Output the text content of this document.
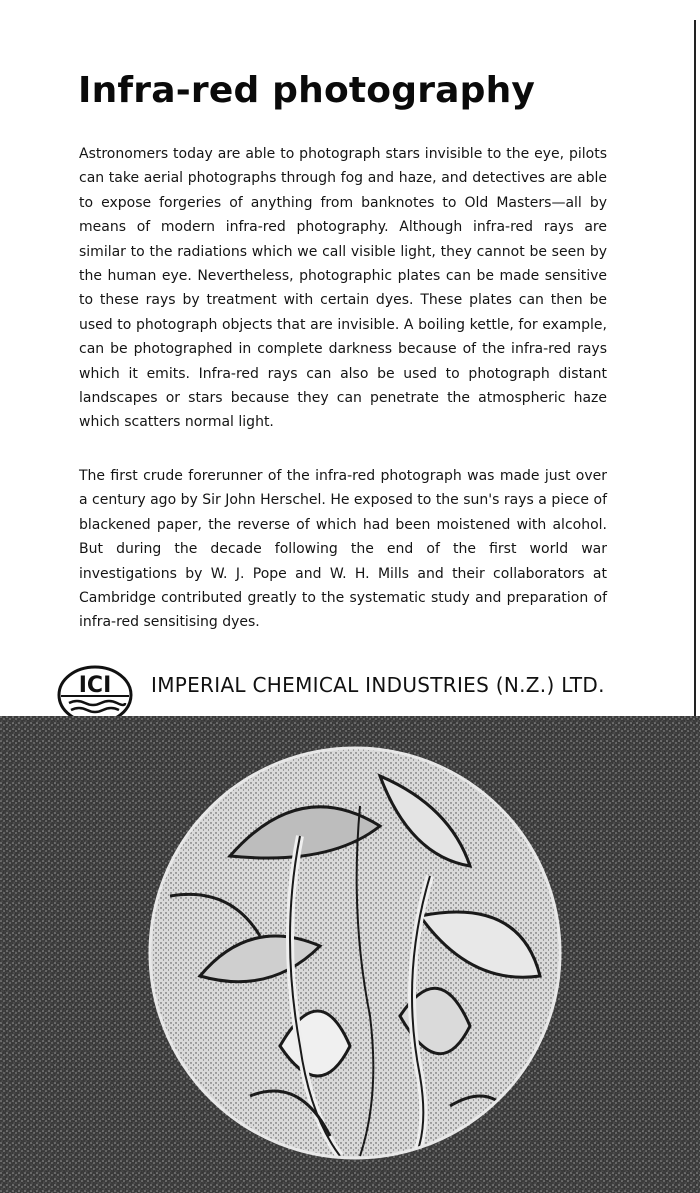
Infra-red photography

Astronomers today are able to photograph stars invisible to the eye, pilots can take aerial photographs through fog and haze, and detectives are able to expose forgeries of anything from banknotes to Old Masters—all by means of modern infra-red photography. Although infra-red rays are similar to the radiations which we call visible light, they cannot be seen by the human eye. Nevertheless, photographic plates can be made sensitive to these rays by treatment with certain dyes. These plates can then be used to photograph objects that are invisible. A boiling kettle, for example, can be photographed in complete darkness because of the infra-red rays which it emits. Infra-red rays can also be used to photograph distant landscapes or stars because they can penetrate the atmospheric haze which scatters normal light.

The first crude forerunner of the infra-red photograph was made just over a century ago by Sir John Herschel. He exposed to the sun's rays a piece of blackened paper, the reverse of which had been moistened with alcohol. But during the decade following the end of the first world war investigations by W. J. Pope and W. H. Mills and their collaborators at Cambridge contributed greatly to the systematic study and preparation of infra-red sensitising dyes.

ICI IMPERIAL CHEMICAL INDUSTRIES (N.Z.) LTD.
